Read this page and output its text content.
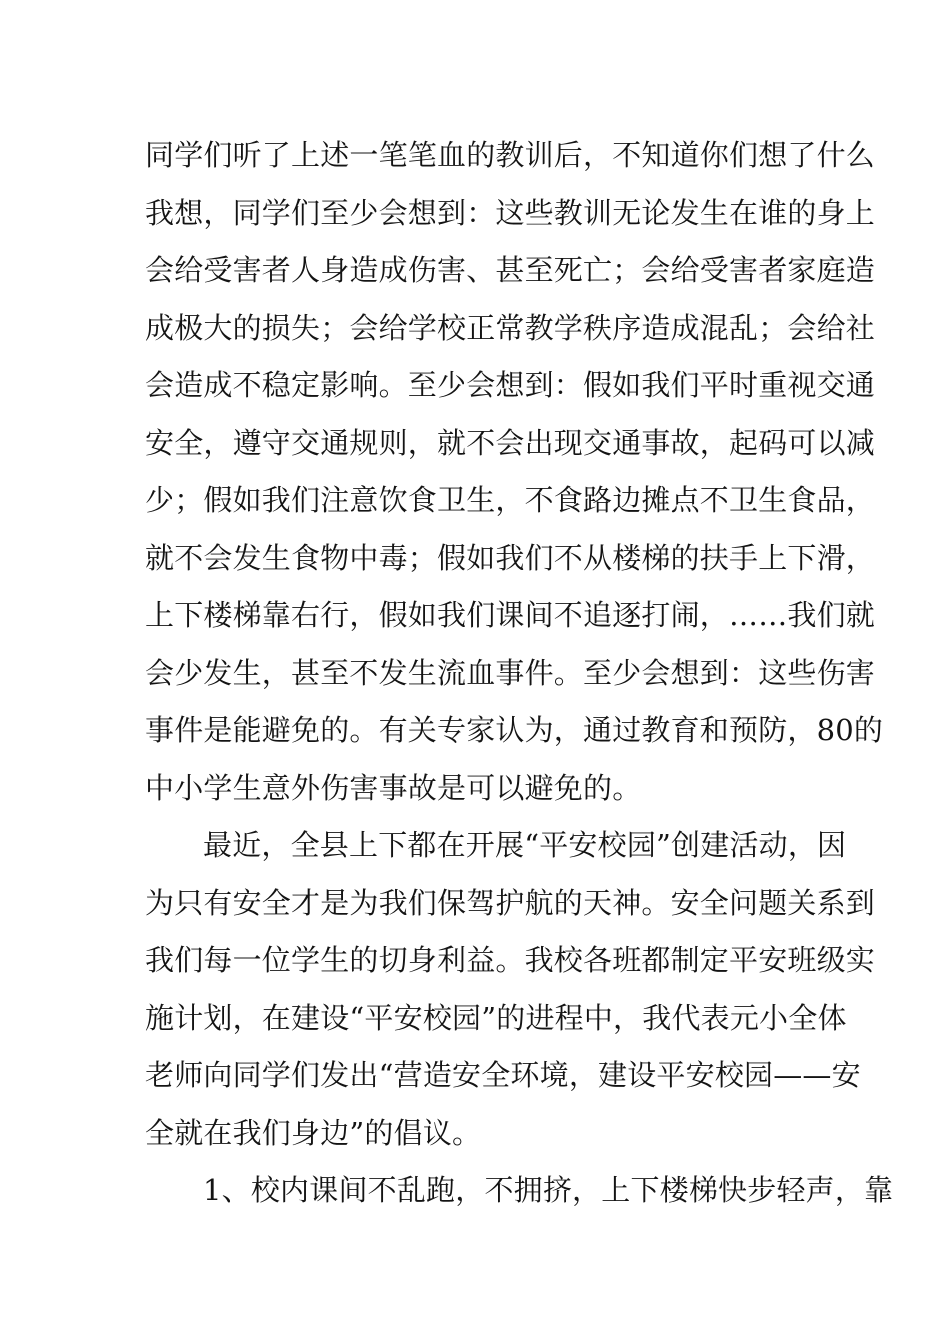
同学们听了上述一笔笔血的教训后，不知道你们想了什么
我想，同学们至少会想到：这些教训无论发生在谁的身上
会给受害者人身造成伤害、甚至死亡；会给受害者家庭造
成极大的损失；会给学校正常教学秩序造成混乱；会给社
会造成不稳定影响。至少会想到：假如我们平时重视交通
安全，遵守交通规则，就不会出现交通事故，起码可以减
少；假如我们注意饮食卫生，不食路边摊点不卫生食品，
就不会发生食物中毒；假如我们不从楼梯的扶手上下滑，
上下楼梯靠右行，假如我们课间不追逐打闹，……我们就
会少发生，甚至不发生流血事件。至少会想到：这些伤害
事件是能避免的。有关专家认为，通过教育和预防，80的
中小学生意外伤害事故是可以避免的。
最近，全县上下都在开展“平安校园”创建活动，因
为只有安全才是为我们保驾护航的天神。安全问题关系到
我们每一位学生的切身利益。我校各班都制定平安班级实
施计划，在建设“平安校园”的进程中，我代表元小全体
老师向同学们发出“营造安全环境，建设平安校园——安
全就在我们身边”的倡议。
1、校内课间不乱跑，不拥挤，上下楼梯快步轻声，靠
